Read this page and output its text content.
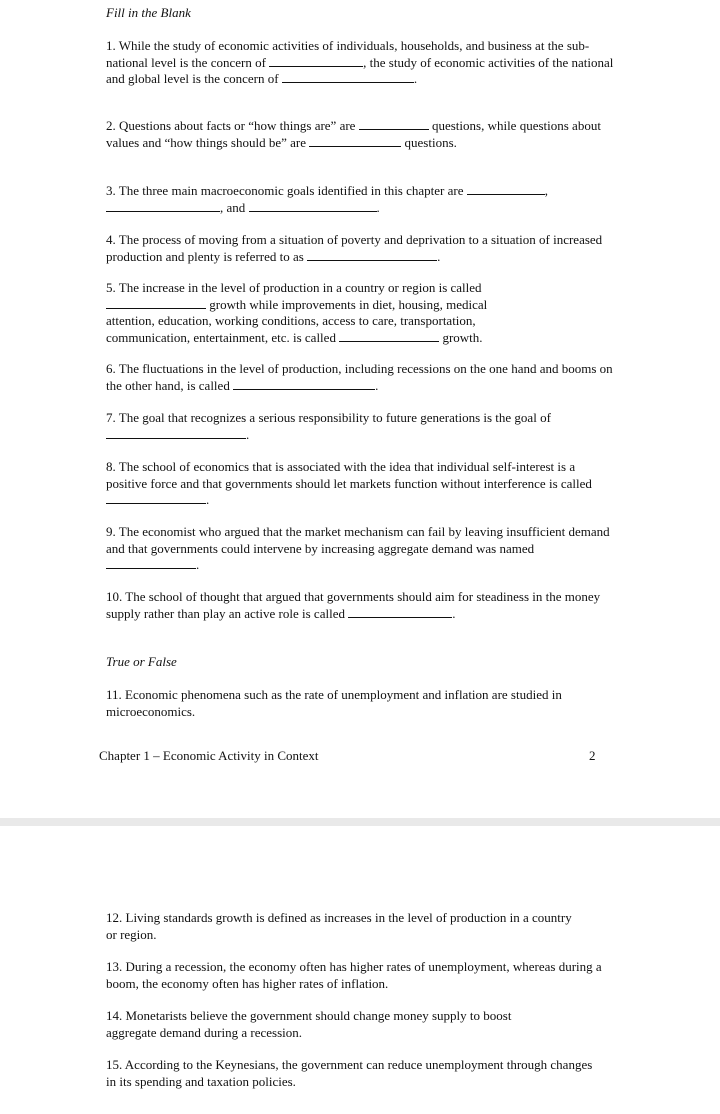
Fill in the Blank
1. While the study of economic activities of individuals, households, and business at the sub-national level is the concern of	, the study of economic activities of the national and global level is the concern of	.
2. Questions about facts or “how things are” are	questions, while questions about values and “how things should be” are	questions.
3. The three main macroeconomic goals identified in this chapter are	, , and	.
4. The process of moving from a situation of poverty and deprivation to a situation of increased production and plenty is referred to as	.
5. The increase in the level of production in a country or region is called
growth while improvements in diet, housing, medical
attention, education, working conditions, access to care, transportation,
communication, entertainment, etc. is called	growth.
6. The fluctuations in the level of production, including recessions on the one hand and booms on the other hand, is called	.
7. The goal that recognizes a serious responsibility to future generations is the goal of
.
8. The school of economics that is associated with the idea that individual self-interest is a positive force and that governments should let markets function without interference is called .
9. The economist who argued that the market mechanism can fail by leaving insufficient demand and that governments could intervene by increasing aggregate demand was named .
10. The school of thought that argued that governments should aim for steadiness in the money supply rather than play an active role is called	.
True or False
11. Economic phenomena such as the rate of unemployment and inflation are studied in microeconomics.
Chapter 1 – Economic Activity in Context	2
12. Living standards growth is defined as increases in the level of production in a country or region.
13. During a recession, the economy often has higher rates of unemployment, whereas during a boom, the economy often has higher rates of inflation.
14. Monetarists believe the government should change money supply to boost aggregate demand during a recession.
15. According to the Keynesians, the government can reduce unemployment through changes in its spending and taxation policies.
